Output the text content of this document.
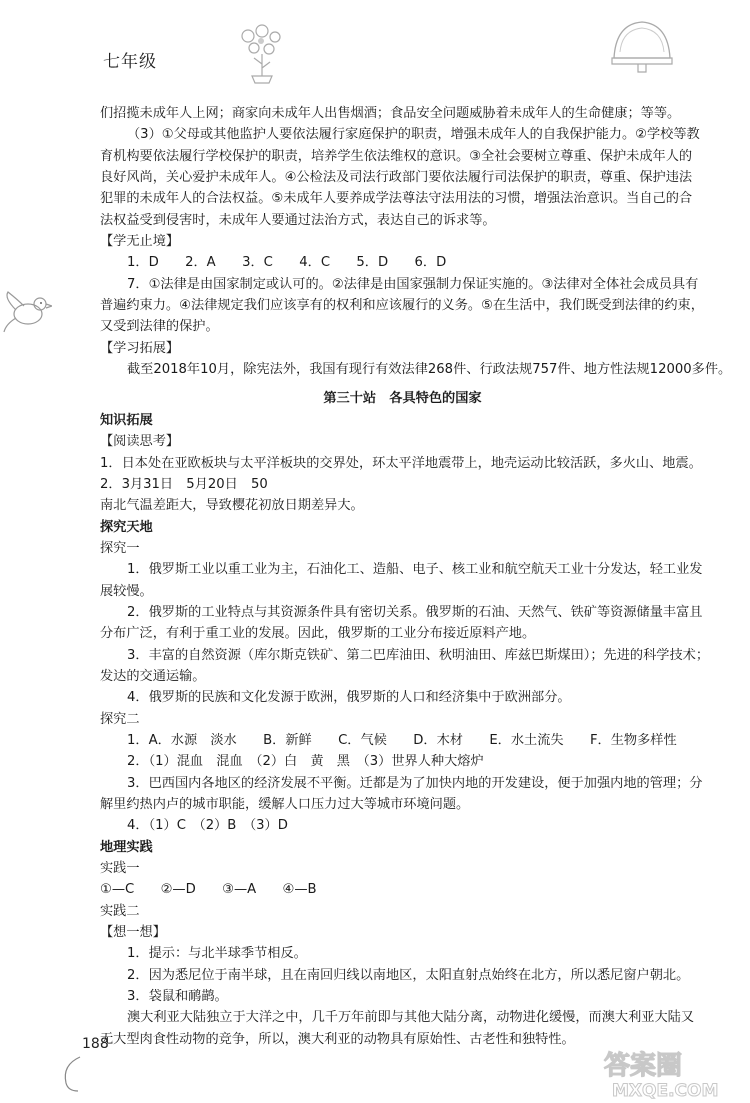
七年级
们招揽未成年人上网；商家向未成年人出售烟酒；食品安全问题威胁着未成年人的生命健康；等等。
（3）①父母或其他监护人要依法履行家庭保护的职责，增强未成年人的自我保护能力。②学校等教
育机构要依法履行学校保护的职责，培养学生依法维权的意识。③全社会要树立尊重、保护未成年人的
良好风尚，关心爱护未成年人。④公检法及司法行政部门要依法履行司法保护的职责，尊重、保护违法
犯罪的未成年人的合法权益。⑤未成年人要养成学法尊法守法用法的习惯，增强法治意识。当自己的合
法权益受到侵害时，未成年人要通过法治方式，表达自己的诉求等。
【学无止境】
1．D　　2．A　　3．C　　4．C　　5．D　　6．D
7．①法律是由国家制定或认可的。②法律是由国家强制力保证实施的。③法律对全体社会成员具有
普遍约束力。④法律规定我们应该享有的权利和应该履行的义务。⑤在生活中，我们既受到法律的约束，
又受到法律的保护。
【学习拓展】
截至2018年10月，除宪法外，我国有现行有效法律268件、行政法规757件、地方性法规12000多件。
第三十站　各具特色的国家
知识拓展
【阅读思考】
1．日本处在亚欧板块与太平洋板块的交界处，环太平洋地震带上，地壳运动比较活跃，多火山、地震。
2．3月31日　5月20日　50
南北气温差距大，导致樱花初放日期差异大。
探究天地
探究一
1．俄罗斯工业以重工业为主，石油化工、造船、电子、核工业和航空航天工业十分发达，轻工业发
展较慢。
2．俄罗斯的工业特点与其资源条件具有密切关系。俄罗斯的石油、天然气、铁矿等资源储量丰富且
分布广泛，有利于重工业的发展。因此，俄罗斯的工业分布接近原料产地。
3．丰富的自然资源（库尔斯克铁矿、第二巴库油田、秋明油田、库兹巴斯煤田）；先进的科学技术；
发达的交通运输。
4．俄罗斯的民族和文化发源于欧洲，俄罗斯的人口和经济集中于欧洲部分。
探究二
1．A．水源　淡水　　B．新鲜　　C．气候　　D．木材　　E．水土流失　　F．生物多样性
2．（1）混血　混血　（2）白　黄　黑　（3）世界人种大熔炉
3．巴西国内各地区的经济发展不平衡。迁都是为了加快内地的开发建设，便于加强内地的管理；分
解里约热内卢的城市职能，缓解人口压力过大等城市环境问题。
4．（1）C　（2）B　（3）D
地理实践
实践一
①—C　　②—D　　③—A　　④—B
实践二
【想一想】
1．提示：与北半球季节相反。
2．因为悉尼位于南半球，且在南回归线以南地区，太阳直射点始终在北方，所以悉尼窗户朝北。
3．袋鼠和鸸鹋。
澳大利亚大陆独立于大洋之中，几千万年前即与其他大陆分离，动物进化缓慢，而澳大利亚大陆又
无大型肉食性动物的竞争，所以，澳大利亚的动物具有原始性、古老性和独特性。
188
答案圈
MXQE.COM
